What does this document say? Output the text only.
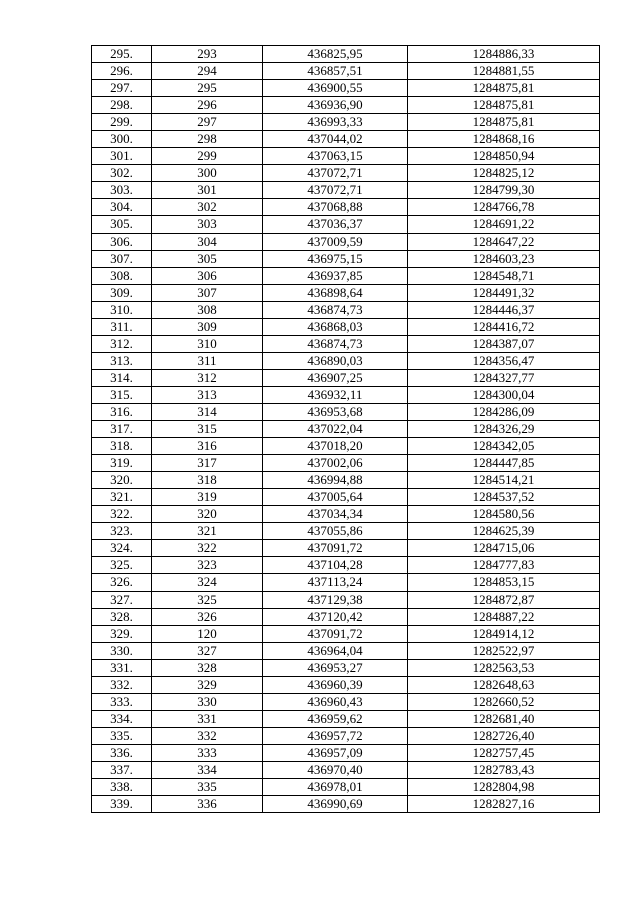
295.	293	436825,95	1284886,33
296.	294	436857,51	1284881,55
297.	295	436900,55	1284875,81
298.	296	436936,90	1284875,81
299.	297	436993,33	1284875,81
300.	298	437044,02	1284868,16
301.	299	437063,15	1284850,94
302.	300	437072,71	1284825,12
303.	301	437072,71	1284799,30
304.	302	437068,88	1284766,78
305.	303	437036,37	1284691,22
306.	304	437009,59	1284647,22
307.	305	436975,15	1284603,23
308.	306	436937,85	1284548,71
309.	307	436898,64	1284491,32
310.	308	436874,73	1284446,37
311.	309	436868,03	1284416,72
312.	310	436874,73	1284387,07
313.	311	436890,03	1284356,47
314.	312	436907,25	1284327,77
315.	313	436932,11	1284300,04
316.	314	436953,68	1284286,09
317.	315	437022,04	1284326,29
318.	316	437018,20	1284342,05
319.	317	437002,06	1284447,85
320.	318	436994,88	1284514,21
321.	319	437005,64	1284537,52
322.	320	437034,34	1284580,56
323.	321	437055,86	1284625,39
324.	322	437091,72	1284715,06
325.	323	437104,28	1284777,83
326.	324	437113,24	1284853,15
327.	325	437129,38	1284872,87
328.	326	437120,42	1284887,22
329.	120	437091,72	1284914,12
330.	327	436964,04	1282522,97
331.	328	436953,27	1282563,53
332.	329	436960,39	1282648,63
333.	330	436960,43	1282660,52
334.	331	436959,62	1282681,40
335.	332	436957,72	1282726,40
336.	333	436957,09	1282757,45
337.	334	436970,40	1282783,43
338.	335	436978,01	1282804,98
339.	336	436990,69	1282827,16
